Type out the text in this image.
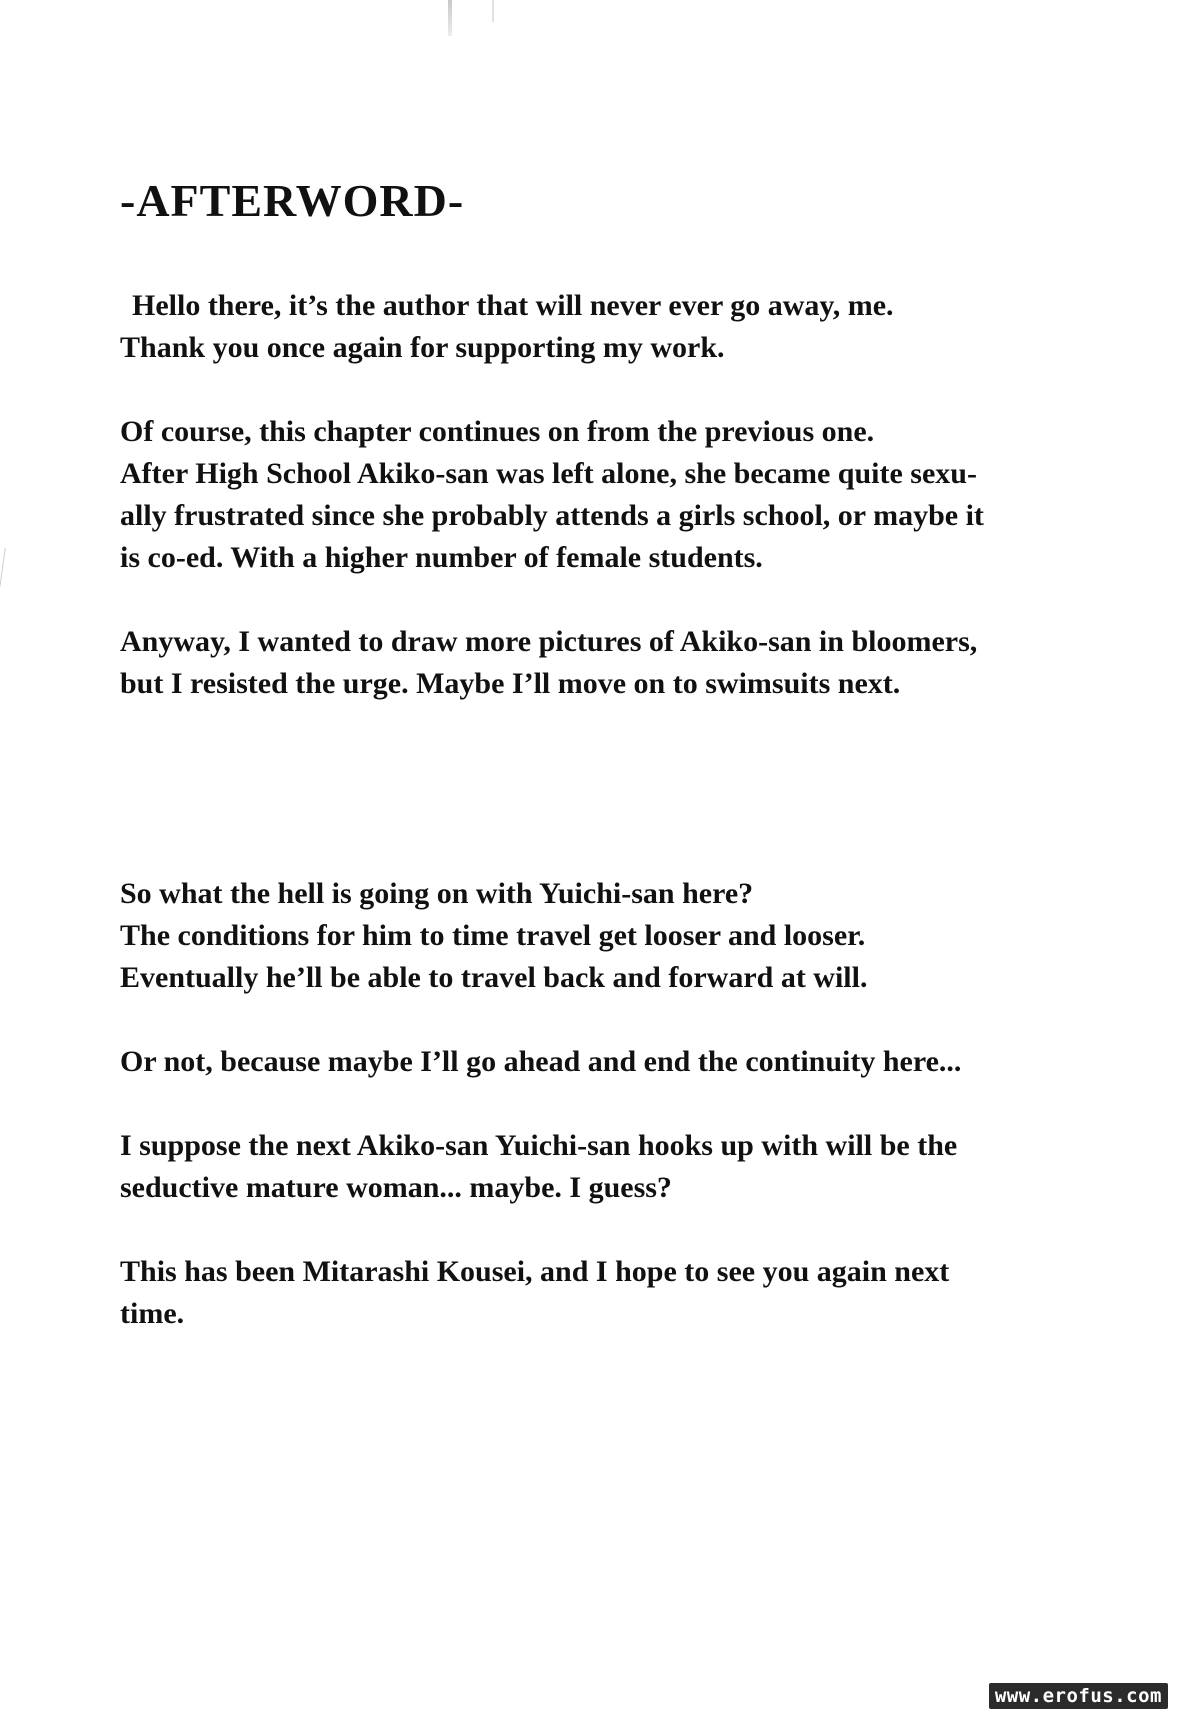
-AFTERWORD-

Hello there, it’s the author that will never ever go away, me.
Thank you once again for supporting my work.

Of course, this chapter continues on from the previous one.
After High School Akiko-san was left alone, she became quite sexu-
ally frustrated since she probably attends a girls school, or maybe it
is co-ed. With a higher number of female students.

Anyway, I wanted to draw more pictures of Akiko-san in bloomers,
but I resisted the urge. Maybe I’ll move on to swimsuits next.

So what the hell is going on with Yuichi-san here?
The conditions for him to time travel get looser and looser.
Eventually he’ll be able to travel back and forward at will.

Or not, because maybe I’ll go ahead and end the continuity here...

I suppose the next Akiko-san Yuichi-san hooks up with will be the
seductive mature woman... maybe. I guess?

This has been Mitarashi Kousei, and I hope to see you again next
time.

www.erofus.com
